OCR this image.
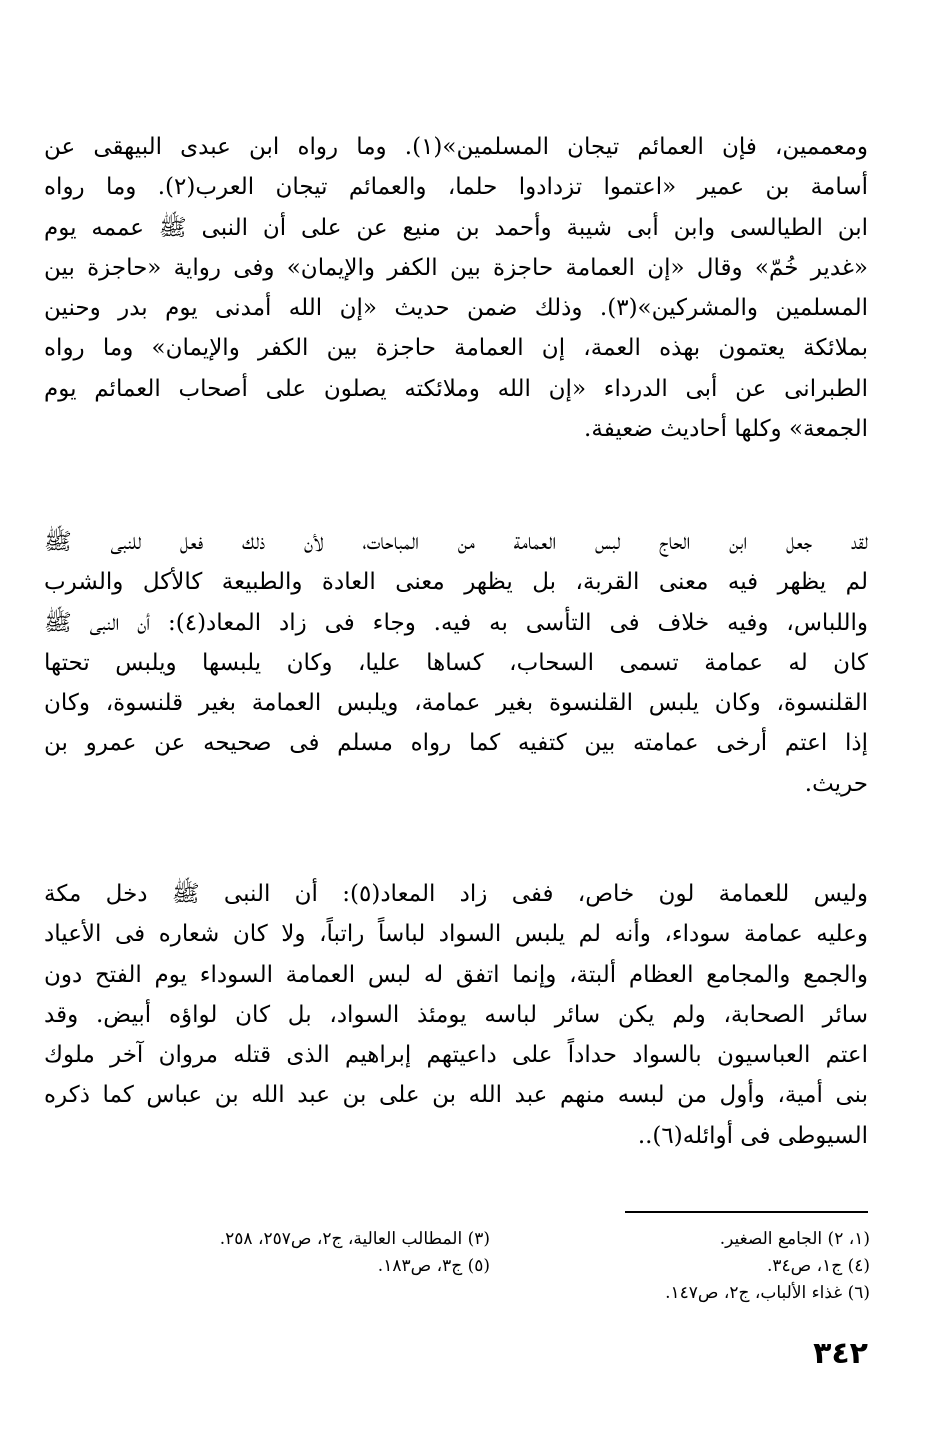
ومعممين، فإن العمائم تيجان المسلمين»(١). وما رواه ابن عبدى البيهقى عن
أسامة بن عمير «اعتموا تزدادوا حلما، والعمائم تيجان العرب(٢). وما رواه
ابن الطيالسى وابن أبى شيبة وأحمد بن منيع عن على أن النبى ﷺ عممه يوم
«غدير خُمّ» وقال «إن العمامة حاجزة بين الكفر والإيمان» وفى رواية «حاجزة بين
المسلمين والمشركين»(٣). وذلك ضمن حديث «إن الله أمدنى يوم بدر وحنين
بملائكة يعتمون بهذه العمة، إن العمامة حاجزة بين الكفر والإيمان» وما رواه
الطبرانى عن أبى الدرداء «إن الله وملائكته يصلون على أصحاب العمائم يوم
الجمعة» وكلها أحاديث ضعيفة.
لقد جعل ابن الحاج لبس العمامة من المباحات، لأن ذلك فعل للنبى ﷺ
لم يظهر فيه معنى القربة، بل يظهر معنى العادة والطبيعة كالأكل والشرب
واللباس، وفيه خلاف فى التأسى به فيه. وجاء فى زاد المعاد(٤): أن النبى ﷺ
كان له عمامة تسمى السحاب، كساها عليا، وكان يلبسها ويلبس تحتها
القلنسوة، وكان يلبس القلنسوة بغير عمامة، ويلبس العمامة بغير قلنسوة، وكان
إذا اعتم أرخى عمامته بين كتفيه كما رواه مسلم فى صحيحه عن عمرو بن
حريث.
وليس للعمامة لون خاص، ففى زاد المعاد(٥): أن النبى ﷺ دخل مكة
وعليه عمامة سوداء، وأنه لم يلبس السواد لباساً راتباً، ولا كان شعاره فى الأعياد
والجمع والمجامع العظام ألبتة، وإنما اتفق له لبس العمامة السوداء يوم الفتح دون
سائر الصحابة، ولم يكن سائر لباسه يومئذ السواد، بل كان لواؤه أبيض. وقد
اعتم العباسيون بالسواد حداداً على داعيتهم إبراهيم الذى قتله مروان آخر ملوك
بنى أمية، وأول من لبسه منهم عبد الله بن على بن عبد الله بن عباس كما ذكره
السيوطى فى أوائله(٦)..
(١، ٢) الجامع الصغير.
(٣) المطالب العالية، ج٢، ص٢٥٧، ٢٥٨.
(٤) ج١، ص٣٤.
(٥) ج٣، ص١٨٣.
(٦) غذاء الألباب، ج٢، ص١٤٧.
٣٤٢
